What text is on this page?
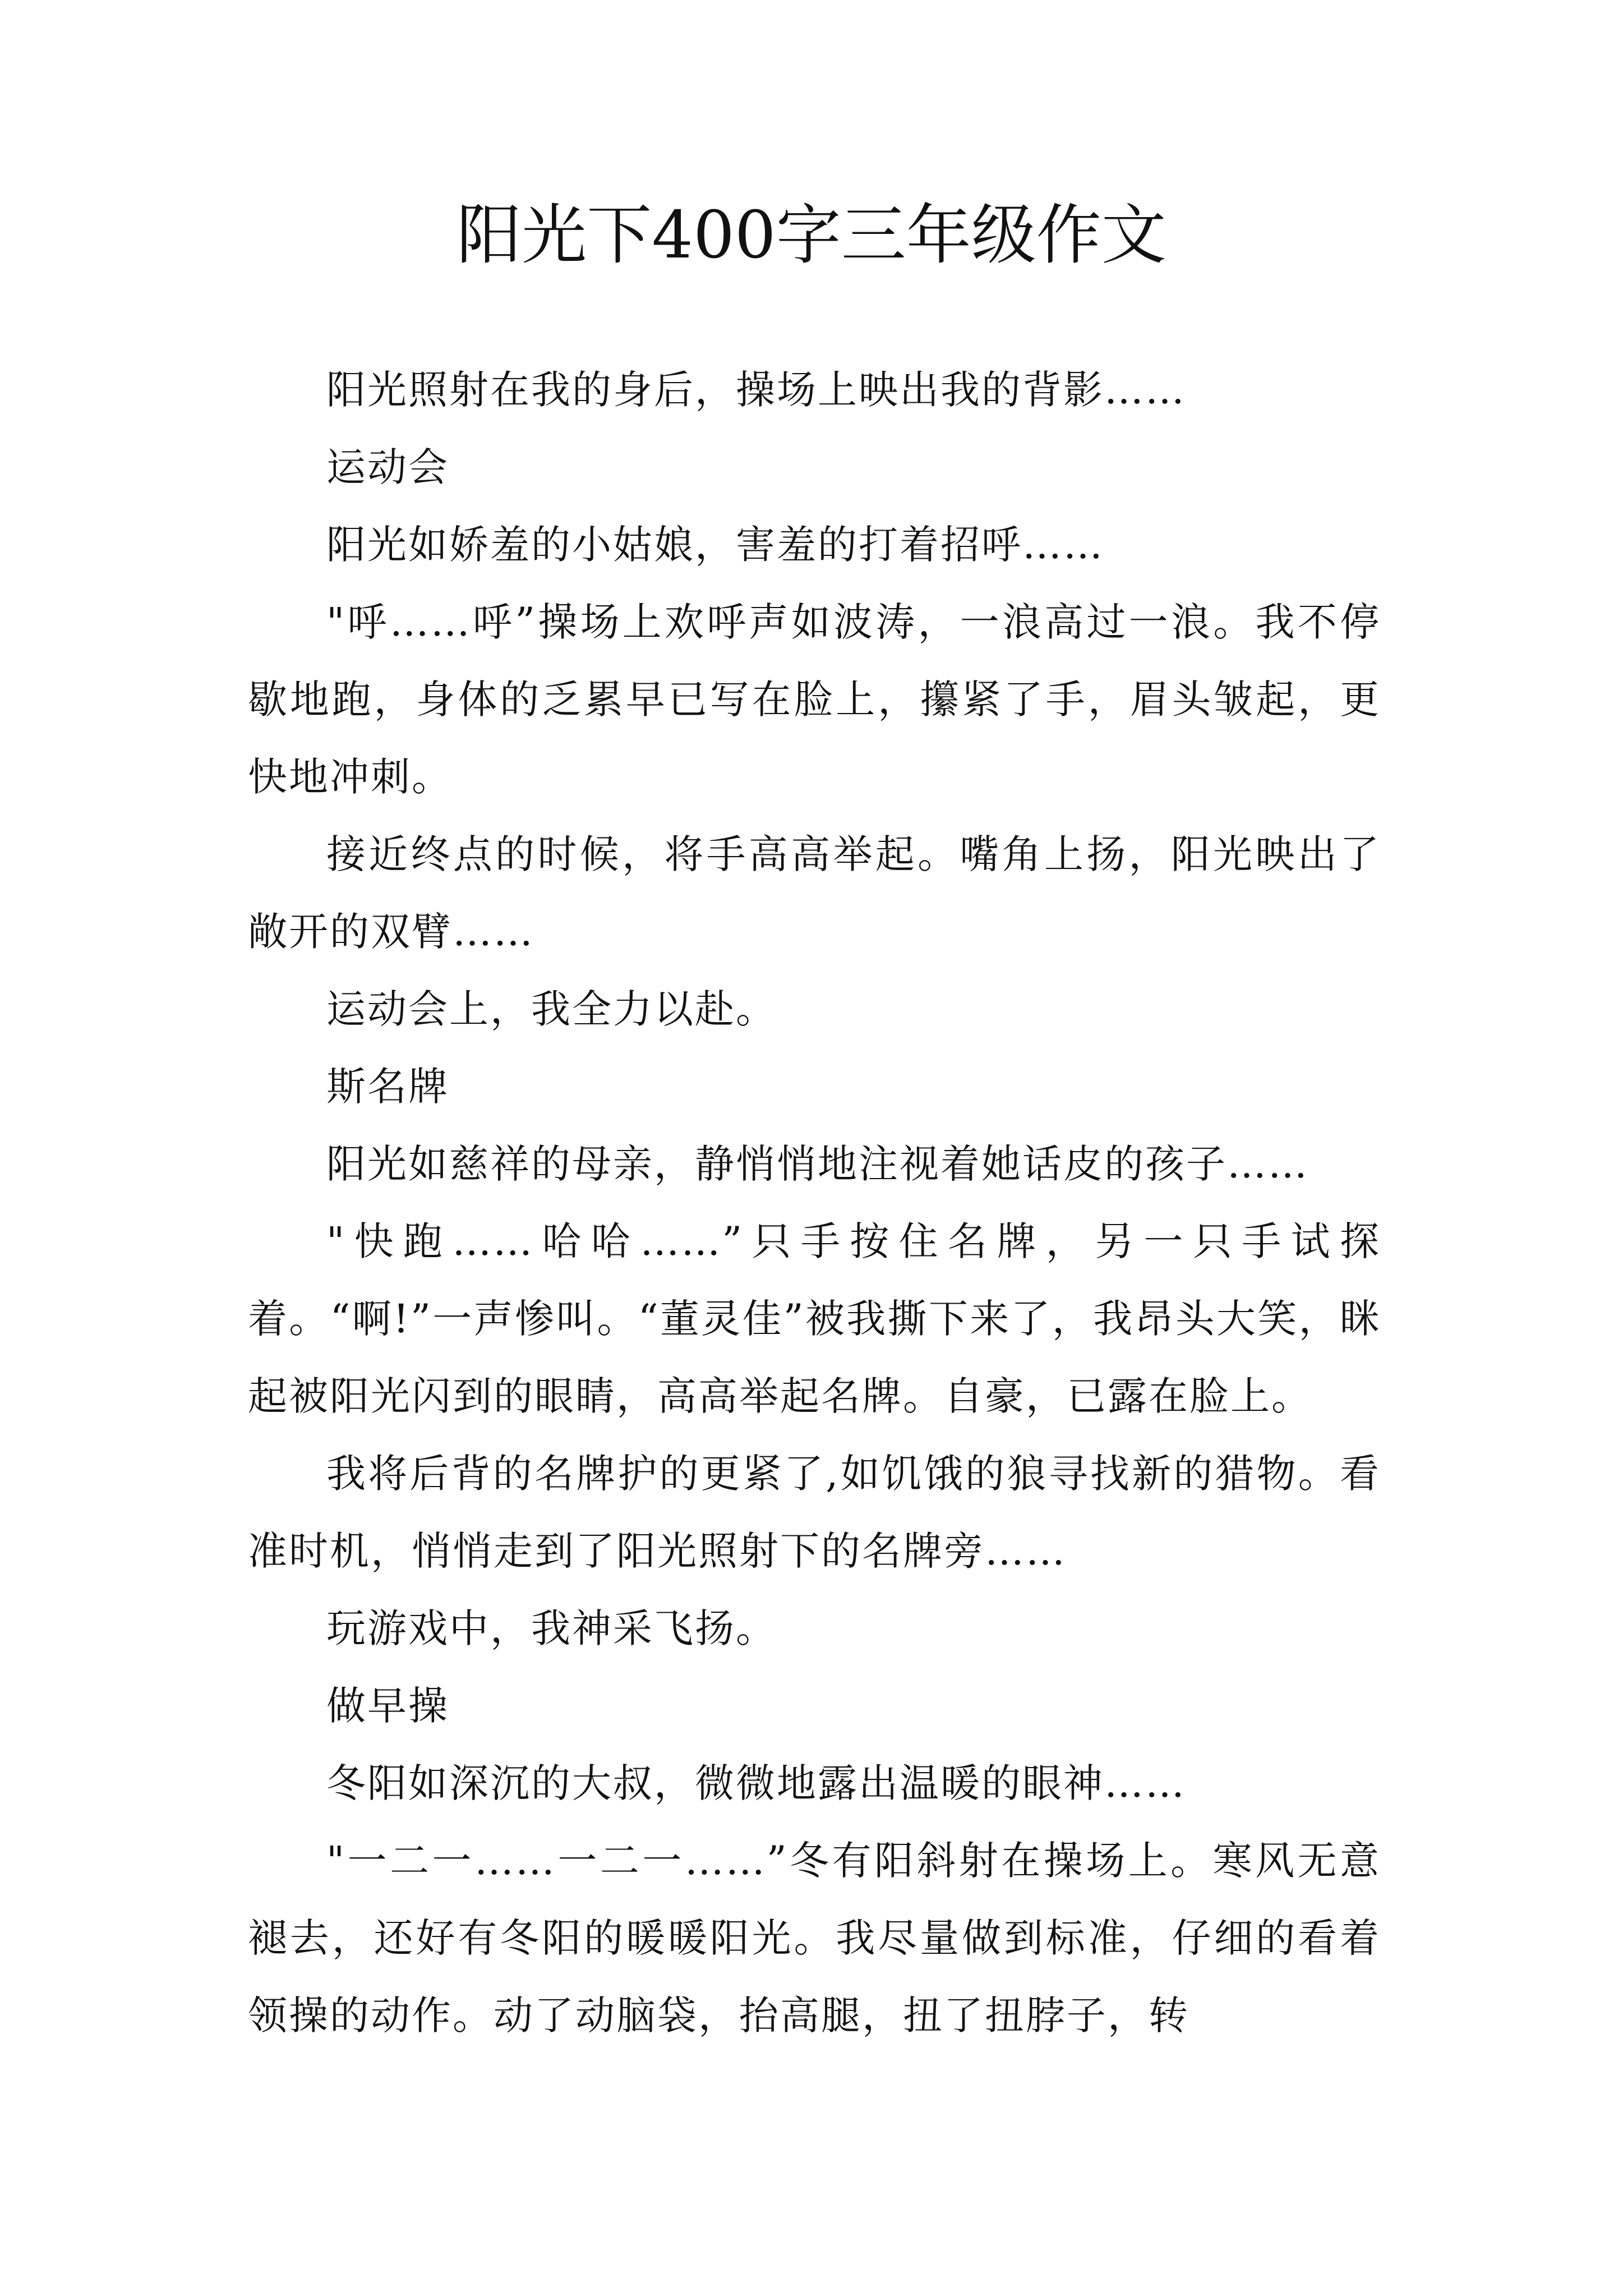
阳光下400字三年级作文

阳光照射在我的身后，操场上映出我的背影……

运动会

阳光如娇羞的小姑娘，害羞的打着招呼……

"呼……呼”操场上欢呼声如波涛，一浪高过一浪。我不停歇地跑，身体的乏累早已写在脸上，攥紧了手，眉头皱起，更快地冲刺。

接近终点的时候，将手高高举起。嘴角上扬，阳光映出了敞开的双臂……

运动会上，我全力以赴。

斯名牌

阳光如慈祥的母亲，静悄悄地注视着她话皮的孩子……

"快跑……哈哈……”只手按住名牌，另一只手试探着。“啊!”一声惨叫。“董灵佳”被我撕下来了，我昂头大笑，眯起被阳光闪到的眼睛，高高举起名牌。自豪，已露在脸上。

我将后背的名牌护的更紧了,如饥饿的狼寻找新的猎物。看准时机，悄悄走到了阳光照射下的名牌旁……

玩游戏中，我神采飞扬。

做早操

冬阳如深沉的大叔，微微地露出温暖的眼神……

"一二一……一二一……”冬有阳斜射在操场上。寒风无意褪去，还好有冬阳的暖暖阳光。我尽量做到标准，仔细的看着领操的动作。动了动脑袋，抬高腿，扭了扭脖子，转
